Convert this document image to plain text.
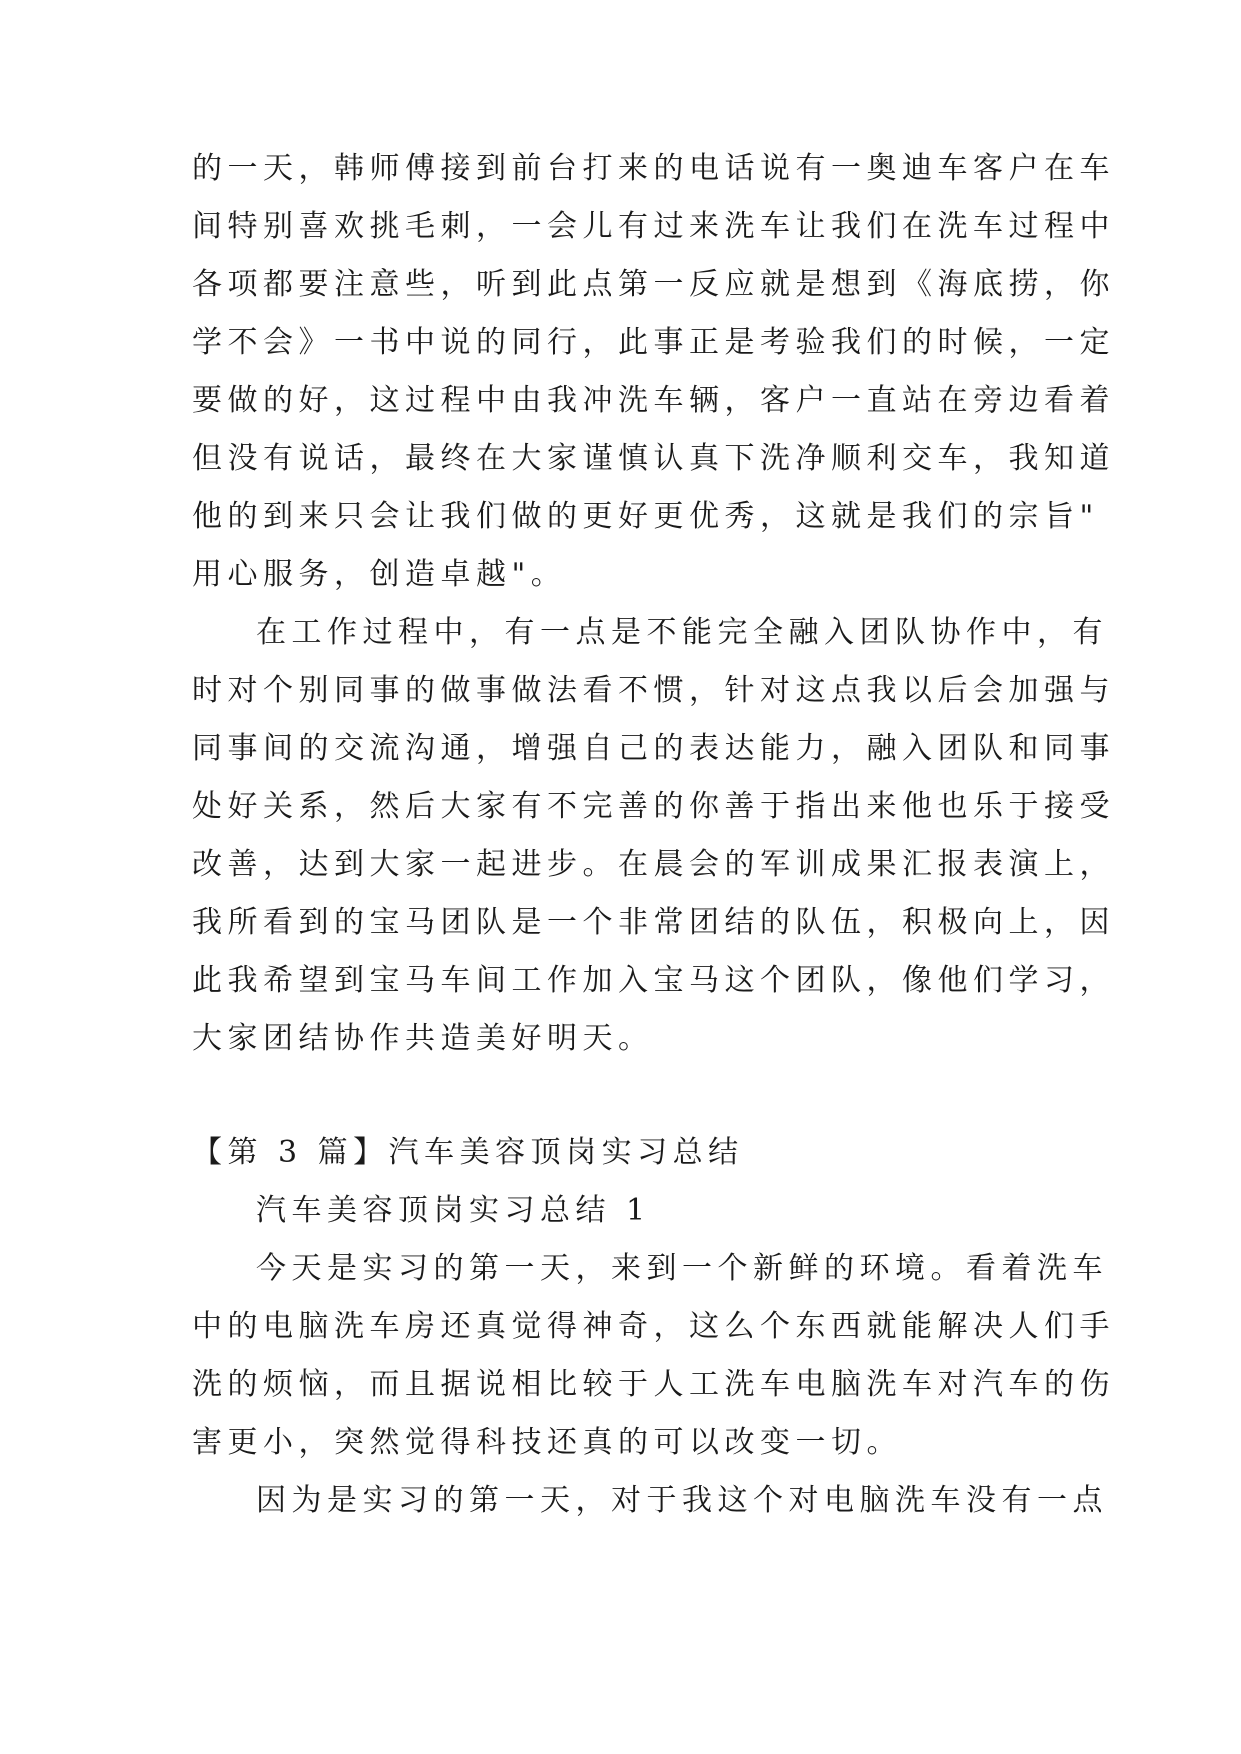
的一天，韩师傅接到前台打来的电话说有一奥迪车客户在车
间特别喜欢挑毛刺，一会儿有过来洗车让我们在洗车过程中
各项都要注意些，听到此点第一反应就是想到《海底捞，你
学不会》一书中说的同行，此事正是考验我们的时候，一定
要做的好，这过程中由我冲洗车辆，客户一直站在旁边看着
但没有说话，最终在大家谨慎认真下洗净顺利交车，我知道
他的到来只会让我们做的更好更优秀，这就是我们的宗旨"
用心服务，创造卓越"。
在工作过程中，有一点是不能完全融入团队协作中，有
时对个别同事的做事做法看不惯，针对这点我以后会加强与
同事间的交流沟通，增强自己的表达能力，融入团队和同事
处好关系，然后大家有不完善的你善于指出来他也乐于接受
改善，达到大家一起进步。在晨会的军训成果汇报表演上，
我所看到的宝马团队是一个非常团结的队伍，积极向上，因
此我希望到宝马车间工作加入宝马这个团队，像他们学习，
大家团结协作共造美好明天。
【第 3 篇】汽车美容顶岗实习总结
汽车美容顶岗实习总结 1
今天是实习的第一天，来到一个新鲜的环境。看着洗车
中的电脑洗车房还真觉得神奇，这么个东西就能解决人们手
洗的烦恼，而且据说相比较于人工洗车电脑洗车对汽车的伤
害更小，突然觉得科技还真的可以改变一切。
因为是实习的第一天，对于我这个对电脑洗车没有一点
